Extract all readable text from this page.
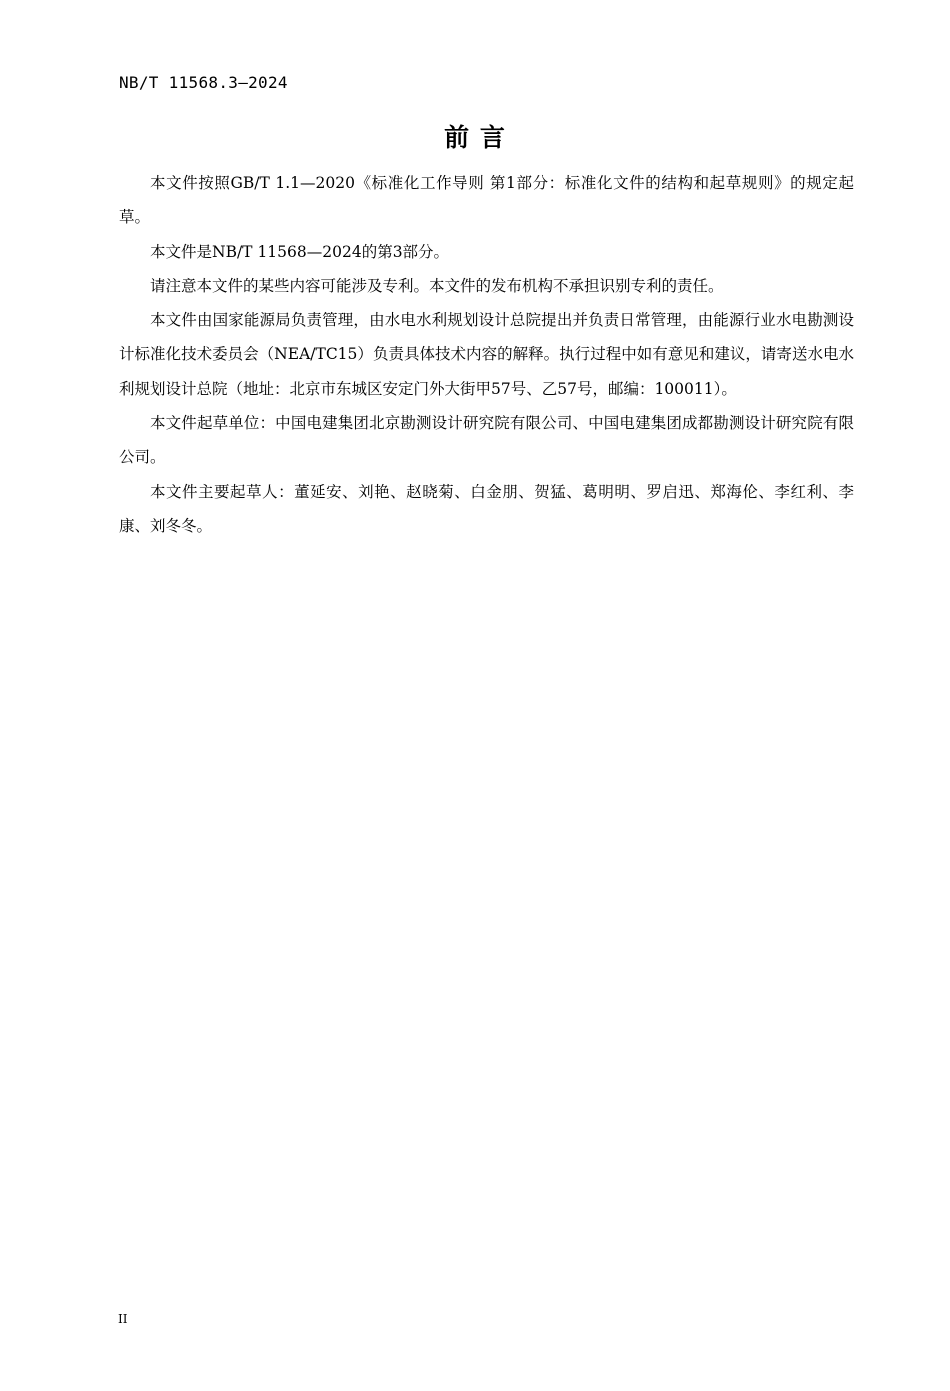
NB/T 11568.3—2024
前 言

本文件按照GB/T 1.1—2020《标准化工作导则 第1部分：标准化文件的结构和起草规则》的规定起草。

本文件是NB/T 11568—2024的第3部分。

请注意本文件的某些内容可能涉及专利。本文件的发布机构不承担识别专利的责任。

本文件由国家能源局负责管理，由水电水利规划设计总院提出并负责日常管理，由能源行业水电勘测设计标准化技术委员会（NEA/TC15）负责具体技术内容的解释。执行过程中如有意见和建议，请寄送水电水利规划设计总院（地址：北京市东城区安定门外大街甲57号、乙57号，邮编：100011）。

本文件起草单位：中国电建集团北京勘测设计研究院有限公司、中国电建集团成都勘测设计研究院有限公司。

本文件主要起草人：董延安、刘艳、赵晓菊、白金朋、贺猛、葛明明、罗启迅、郑海伦、李红利、李康、刘冬冬。

II
